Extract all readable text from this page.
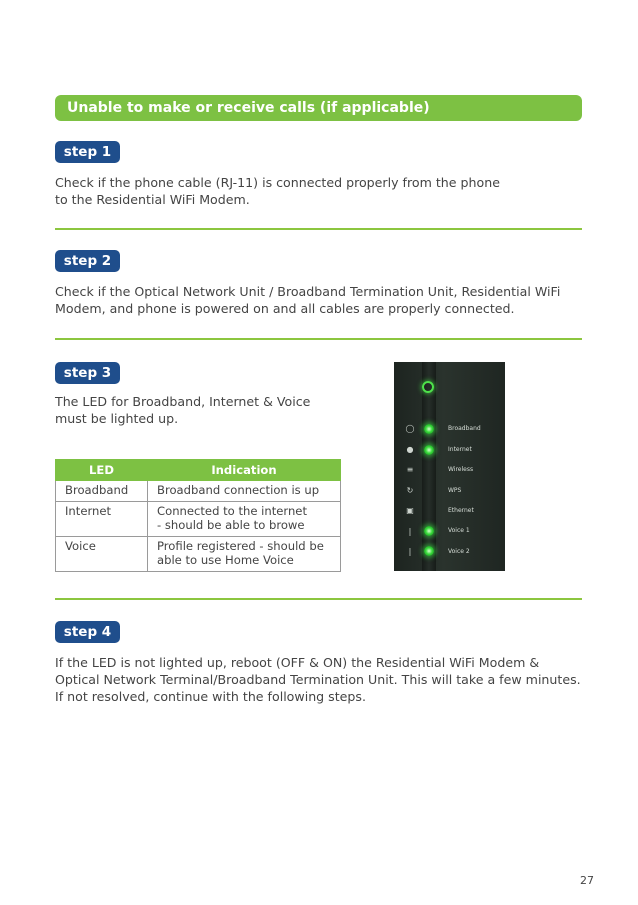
Unable to make or receive calls (if applicable)
step 1
Check if the phone cable (RJ-11) is connected properly from the phone
to the Residential WiFi Modem.
step 2
Check if the Optical Network Unit / Broadband Termination Unit, Residential WiFi
Modem, and phone is powered on and all cables are properly connected.
step 3
The LED for Broadband, Internet & Voice
must be lighted up.
LED	Indication
Broadband	Broadband connection is up
Internet	Connected to the internet
- should be able to browe
Voice	Profile registered - should be
able to use Home Voice
◯	Broadband
●	Internet
≡	Wireless
↻	WPS
▣	Ethernet
❘	Voice 1
❘	Voice 2
step 4
If the LED is not lighted up, reboot (OFF & ON) the Residential WiFi Modem &
Optical Network Terminal/Broadband Termination Unit. This will take a few minutes.
If not resolved, continue with the following steps.
27
